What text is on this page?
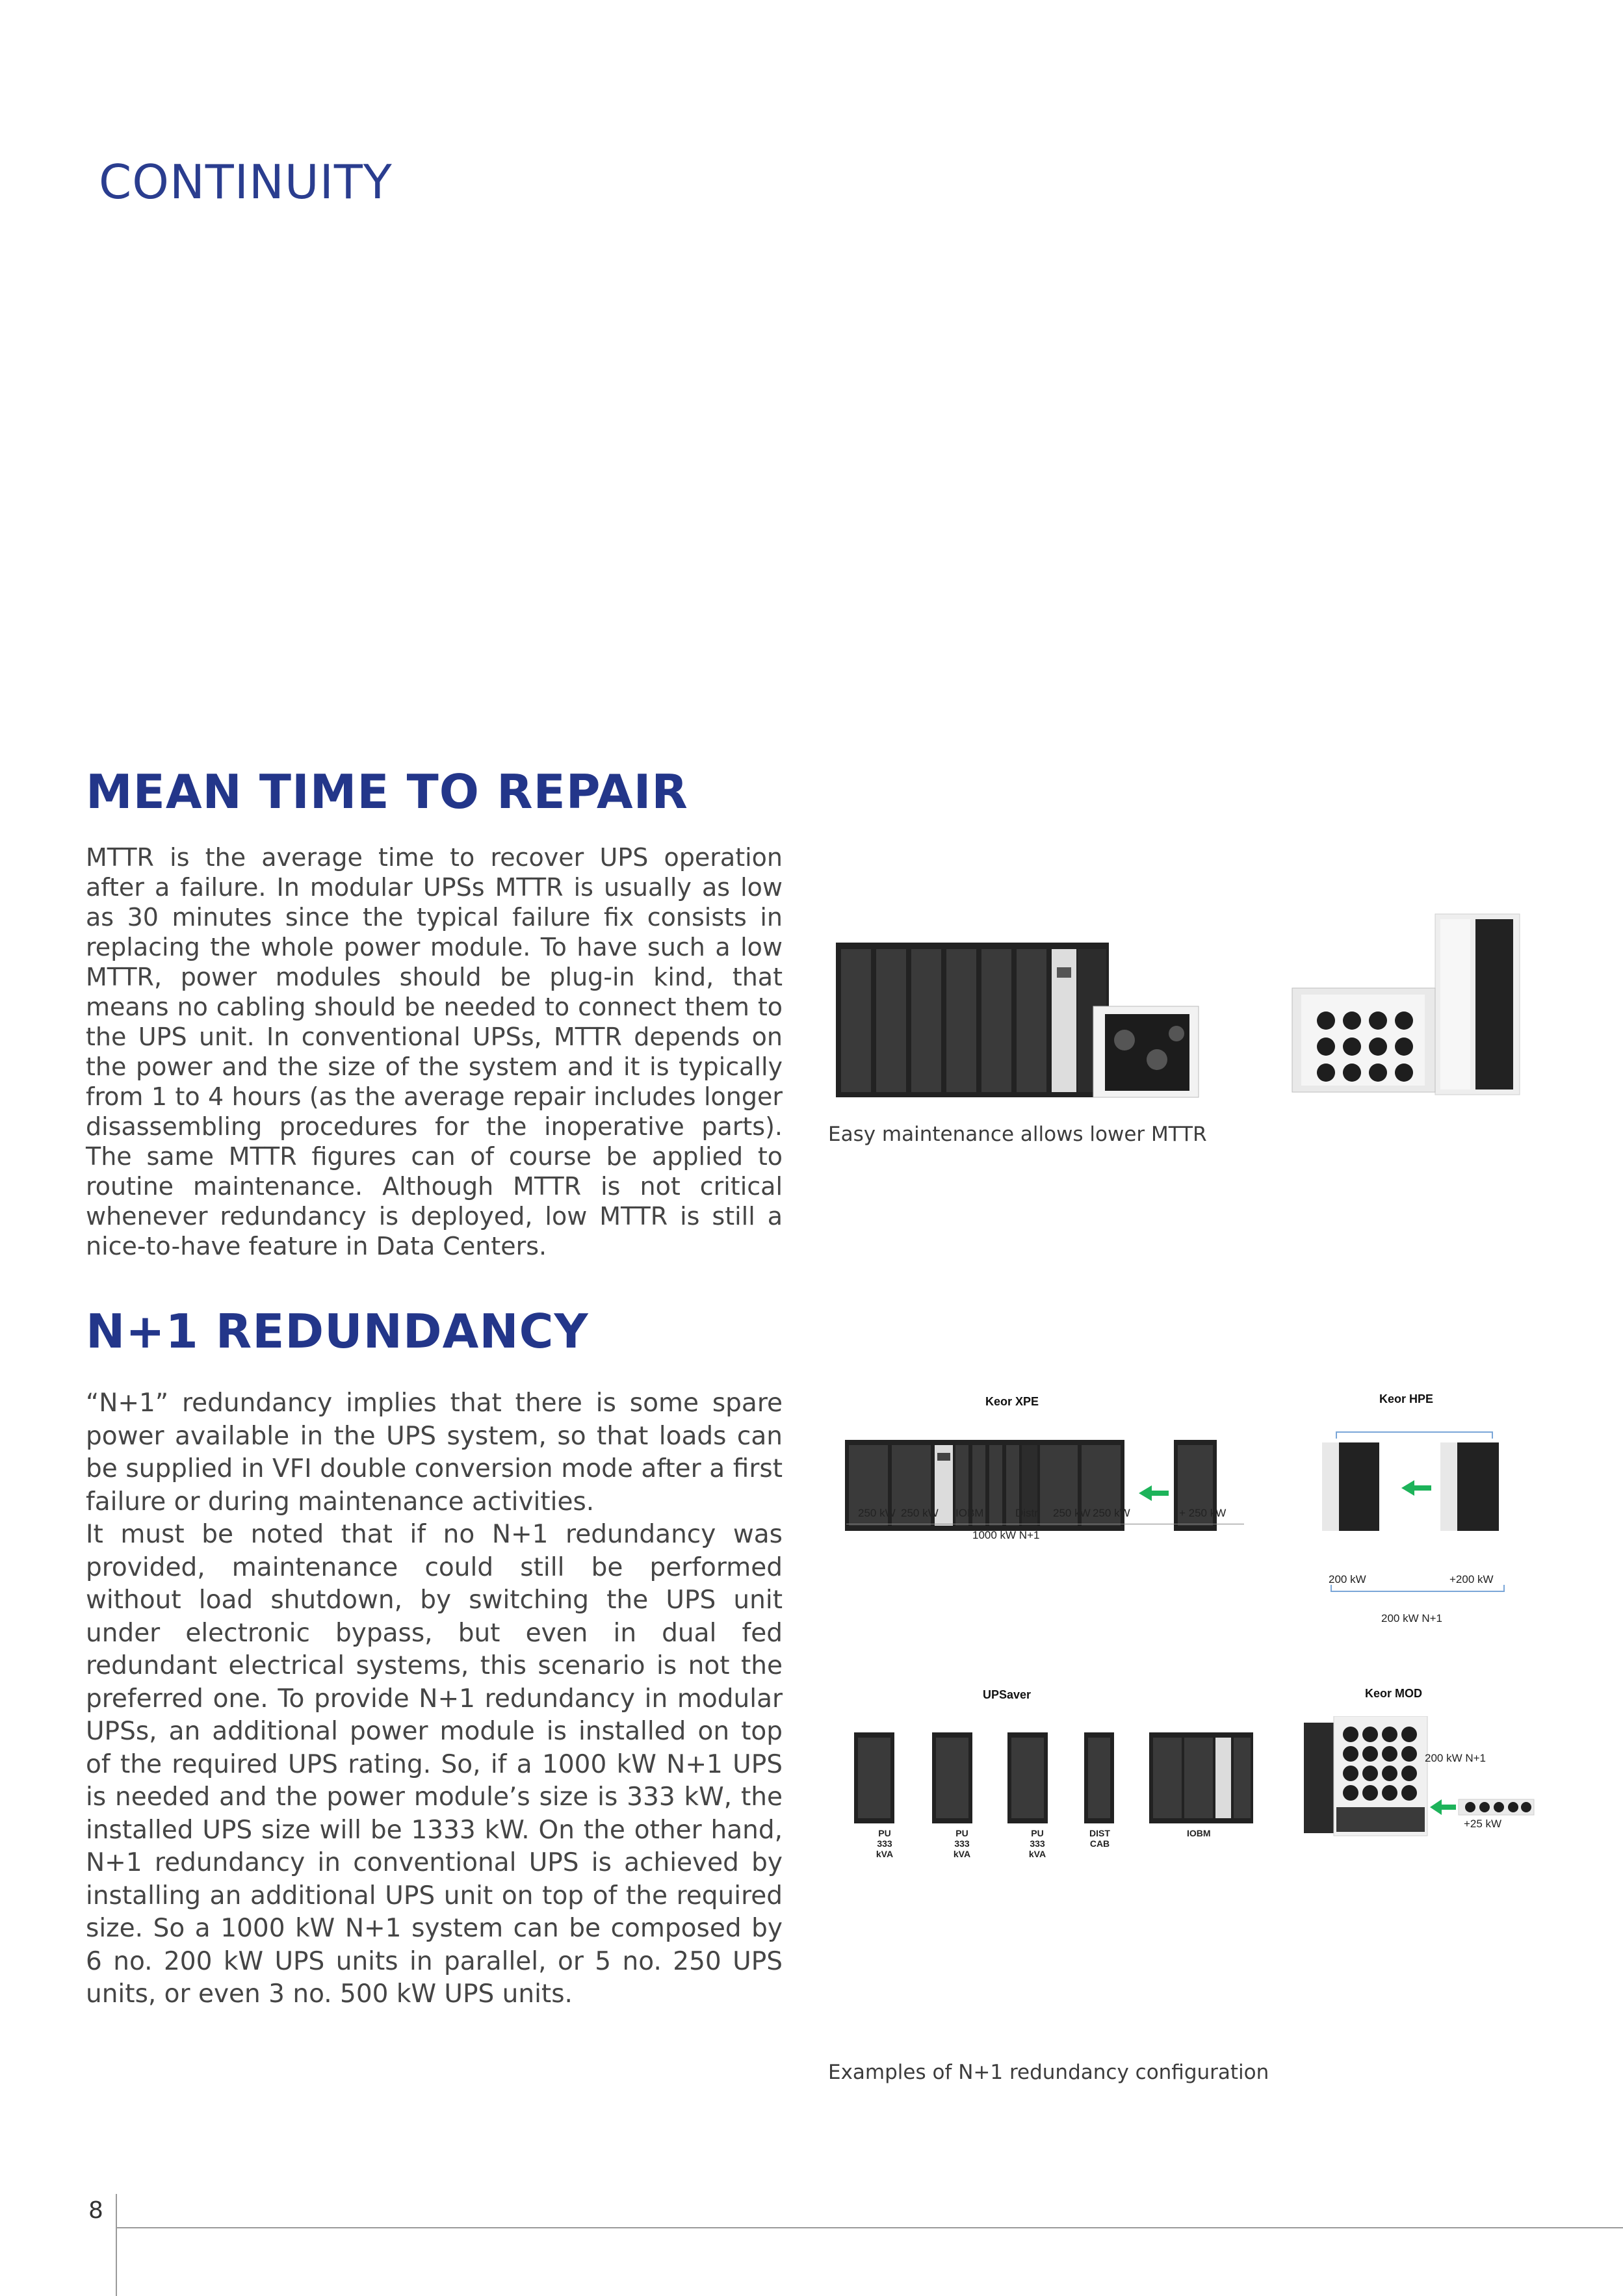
CONTINUITY
MEAN TIME TO REPAIR

MTTR is the average time to recover UPS operation after a failure. In modular UPSs MTTR is usually as low as 30 minutes since the typical failure fix consists in replacing the whole power module. To have such a low MTTR, power modules should be plug-in kind, that means no cabling should be needed to connect them to the UPS unit. In conventional UPSs, MTTR depends on the power and the size of the system and it is typically from 1 to 4 hours (as the average repair includes longer disassembling procedures for the inoperative parts). The same MTTR figures can of course be applied to routine maintenance. Although MTTR is not critical whenever redundancy is deployed, low MTTR is still a nice-to-have feature in Data Centers.

Easy maintenance allows lower MTTR
N+1 REDUNDANCY

“N+1” redundancy implies that there is some spare power available in the UPS system, so that loads can be supplied in VFI double conversion mode after a first failure or during maintenance activities.

It must be noted that if no N+1 redundancy was provided, maintenance could still be performed without load shutdown, by switching the UPS unit under electronic bypass, but even in dual fed redundant electrical systems, this scenario is not the preferred one. To provide N+1 redundancy in modular UPSs, an additional power module is installed on top of the required UPS rating. So, if a 1000 kW N+1 UPS is needed and the power module’s size is 333 kW, the installed UPS size will be 1333 kW. On the other hand, N+1 redundancy in conventional UPS is achieved by installing an additional UPS unit on top of the required size. So a 1000 kW N+1 system can be composed by 6 no. 200 kW UPS units in parallel, or 5 no. 250 UPS units, or even 3 no. 500 kW UPS units.

Keor XPE
250 kW 250 kW IOBM	Distr. 250 kW 250 kW	+ 250 kW
1000 kW N+1
Keor HPE
200 kW	+200 kW
200 kW N+1
UPSaver
PU
333 kVA
PU
333 kVA
PU
333 kVA
DIST
CAB
IOBM
Keor MOD
200 kW N+1
+25 kW
Examples of N+1 redundancy configuration
8
